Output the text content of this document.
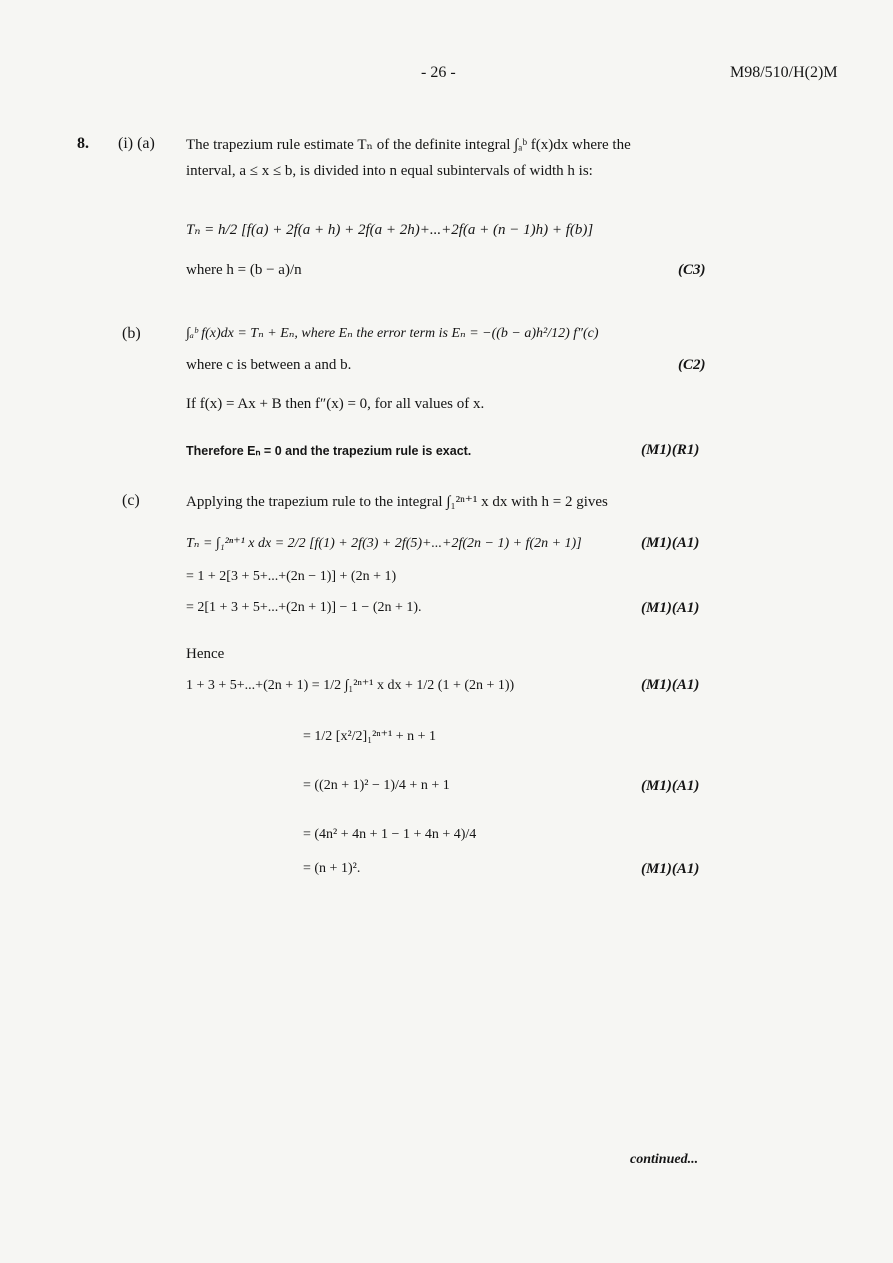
- 26 -	M98/510/H(2)M
8. (i) (a) The trapezium rule estimate Tₙ of the definite integral ∫ₐᵇ f(x)dx where the
interval, a ≤ x ≤ b, is divided into n equal subintervals of width h is:
Tₙ = h/2 [f(a) + 2f(a + h) + 2f(a + 2h)+...+2f(a + (n − 1)h) + f(b)]
where h = (b − a)/n	(C3)
(b)	∫ₐᵇ f(x)dx = Tₙ + Eₙ, where Eₙ the error term is Eₙ = −((b − a)h²/12) f″(c)
where c is between a and b.	(C2)
If f(x) = Ax + B then f″(x) = 0, for all values of x.
Therefore Eₙ = 0 and the trapezium rule is exact.	(M1)(R1)
(c)	Applying the trapezium rule to the integral ∫₁²ⁿ⁺¹ x dx with h = 2 gives
Tₙ = ∫₁²ⁿ⁺¹ x dx = 2/2 [f(1) + 2f(3) + 2f(5)+...+2f(2n − 1) + f(2n + 1)]	(M1)(A1)
= 1 + 2[3 + 5+...+(2n − 1)] + (2n + 1)
= 2[1 + 3 + 5+...+(2n + 1)] − 1 − (2n + 1).	(M1)(A1)
Hence
1 + 3 + 5+...+(2n + 1) = 1/2 ∫₁²ⁿ⁺¹ x dx + 1/2 (1 + (2n + 1))	(M1)(A1)
= 1/2 [x²/2]₁²ⁿ⁺¹ + n + 1
= ((2n + 1)² − 1)/4 + n + 1	(M1)(A1)
= (4n² + 4n + 1 − 1 + 4n + 4)/4
= (n + 1)².	(M1)(A1)
continued...
